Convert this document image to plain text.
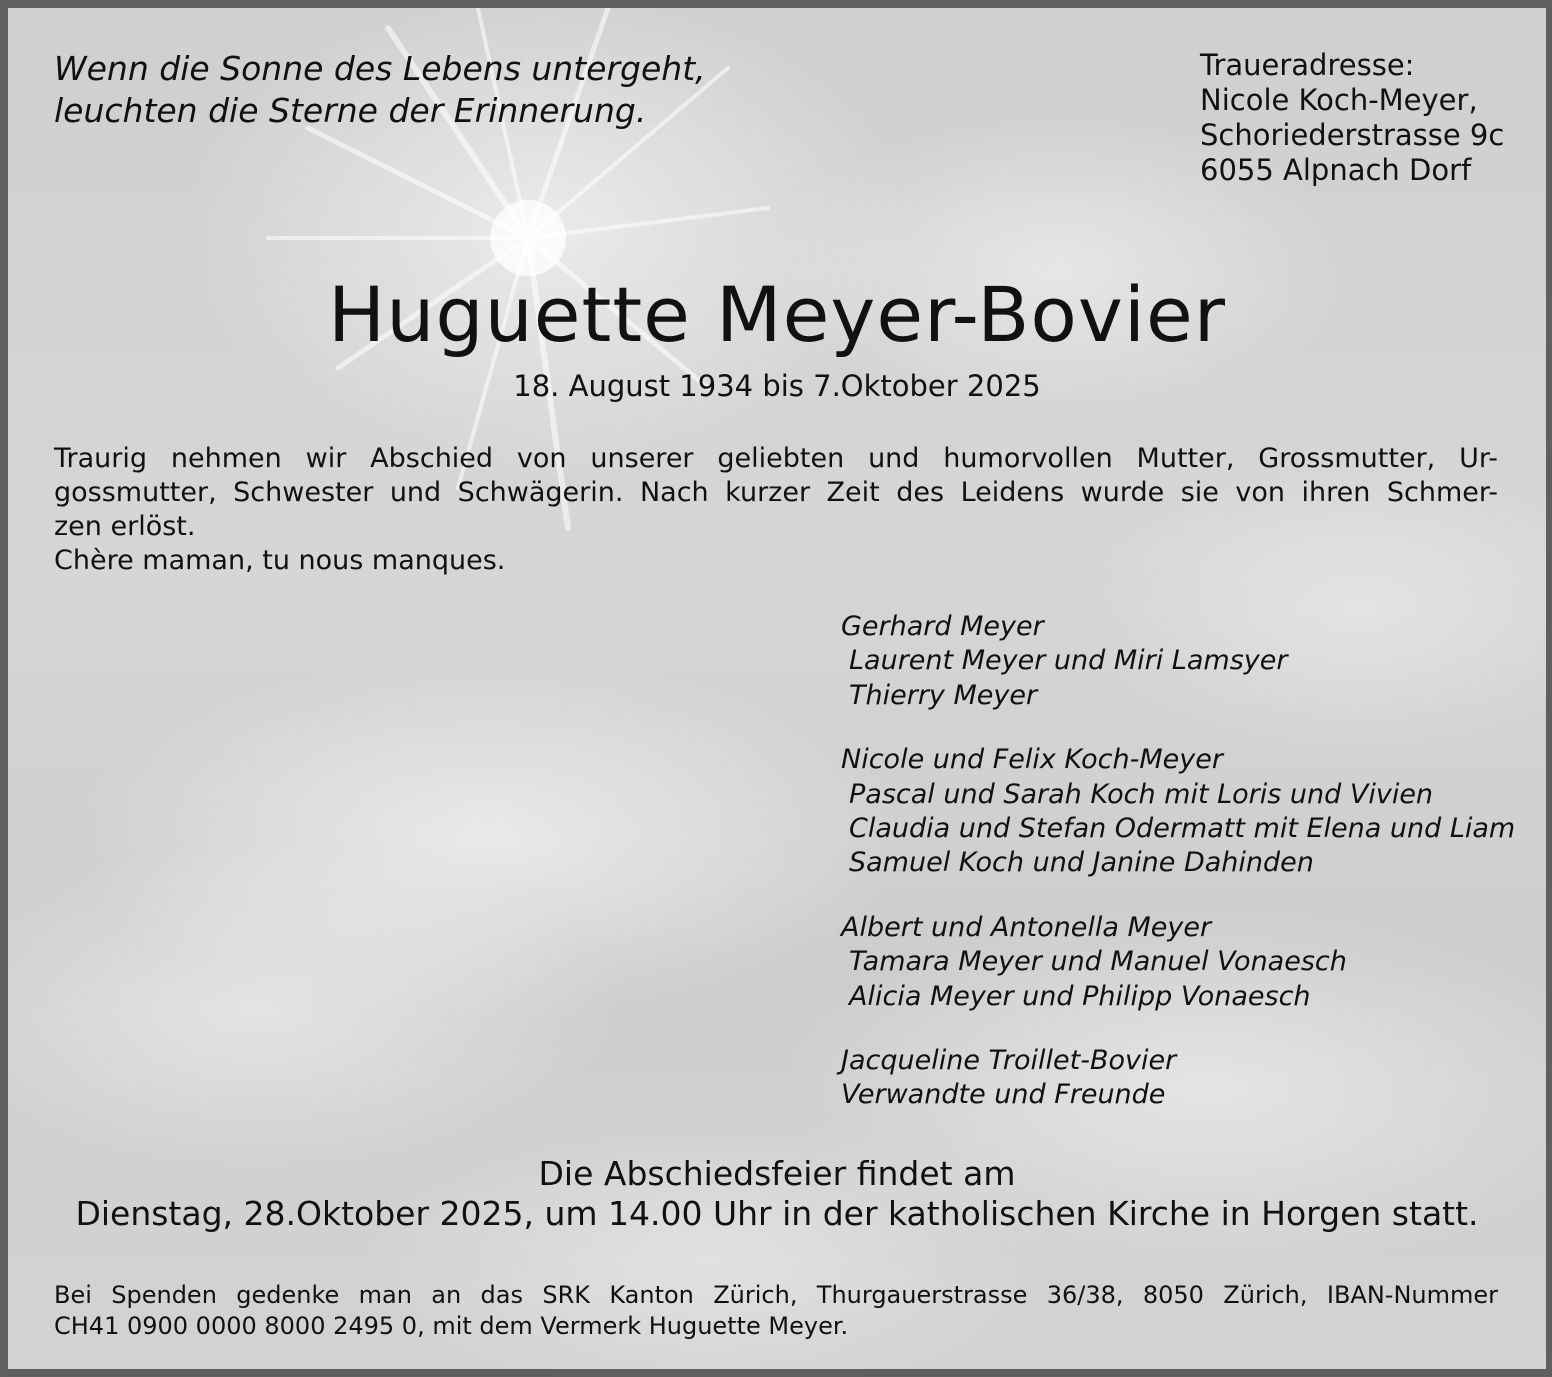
Wenn die Sonne des Lebens untergeht,
leuchten die Sterne der Erinnerung.
Traueradresse:
Nicole Koch-Meyer,
Schoriederstrasse 9c
6055 Alpnach Dorf
Huguette Meyer-Bovier
18. August 1934 bis 7.Oktober 2025

Traurig nehmen wir Abschied von unserer geliebten und humorvollen Mutter, Grossmutter, Ur-

gossmutter, Schwester und Schwägerin. Nach kurzer Zeit des Leidens wurde sie von ihren Schmer-

zen erlöst.

Chère maman, tu nous manques.

Gerhard Meyer
Laurent Meyer und Miri Lamsyer
Thierry Meyer
Nicole und Felix Koch-Meyer
Pascal und Sarah Koch mit Loris und Vivien
Claudia und Stefan Odermatt mit Elena und Liam
Samuel Koch und Janine Dahinden
Albert und Antonella Meyer
Tamara Meyer und Manuel Vonaesch
Alicia Meyer und Philipp Vonaesch
Jacqueline Troillet-Bovier
Verwandte und Freunde
Die Abschiedsfeier findet am
Dienstag, 28.Oktober 2025, um 14.00 Uhr in der katholischen Kirche in Horgen statt.

Bei Spenden gedenke man an das SRK Kanton Zürich, Thurgauerstrasse 36/38, 8050 Zürich, IBAN-Nummer

CH41 0900 0000 8000 2495 0, mit dem Vermerk Huguette Meyer.
